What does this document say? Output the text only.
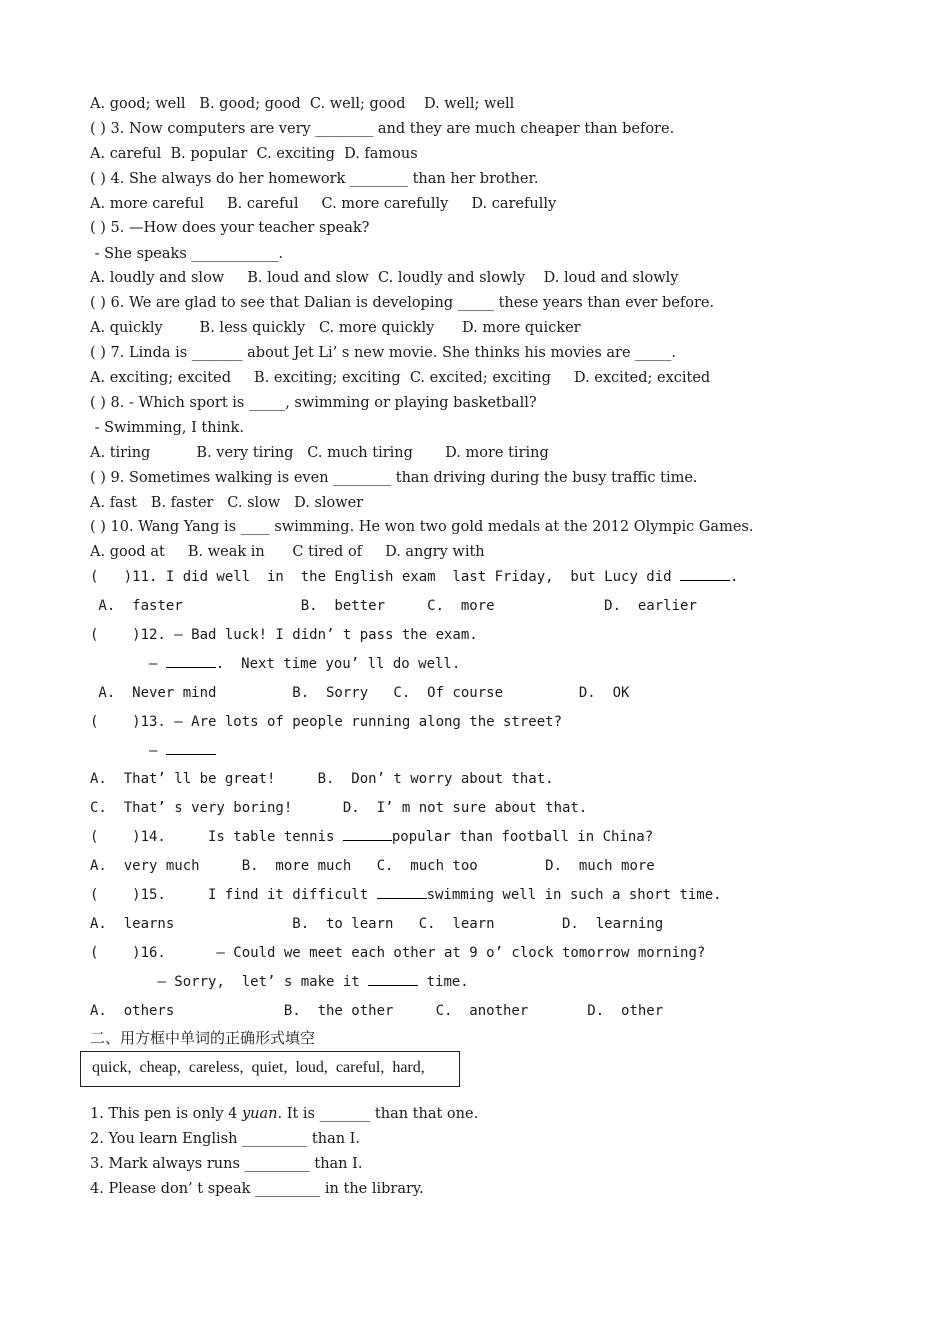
A. good; well   B. good; good  C. well; good    D. well; well
( ) 3. Now computers are very ________ and they are much cheaper than before.
A. careful  B. popular  C. exciting  D. famous
( ) 4. She always do her homework ________ than her brother.
A. more careful     B. careful     C. more carefully     D. carefully
( ) 5. —How does your teacher speak?
- She speaks ____________.
A. loudly and slow     B. loud and slow  C. loudly and slowly    D. loud and slowly
( ) 6. We are glad to see that Dalian is developing _____ these years than ever before.
A. quickly        B. less quickly   C. more quickly      D. more quicker
( ) 7. Linda is _______ about Jet Li’ s new movie. She thinks his movies are _____.
A. exciting; excited     B. exciting; exciting  C. excited; exciting     D. excited; excited
( ) 8. - Which sport is _____, swimming or playing basketball?
- Swimming, I think.
A. tiring          B. very tiring   C. much tiring       D. more tiring
( ) 9. Sometimes walking is even ________ than driving during the busy traffic time.
A. fast   B. faster   C. slow   D. slower
( ) 10. Wang Yang is ____ swimming. He won two gold medals at the 2012 Olympic Games.
A. good at     B. weak in      C tired of     D. angry with
(   )11. I did well  in  the English exam  last Friday,  but Lucy did	.
A.  faster              B.  better     C.  more             D.  earlier
(    )12. — Bad luck! I didn’ t pass the exam.
—	.  Next time you’ ll do well.
A.  Never mind         B.  Sorry   C.  Of course         D.  OK
(    )13. — Are lots of people running along the street?
—
A.  That’ ll be great!     B.  Don’ t worry about that.
C.  That’ s very boring!      D.  I’ m not sure about that.
(    )14.     Is table tennis	popular than football in China?
A.  very much     B.  more much   C.  much too        D.  much more
(    )15.     I find it difficult	swimming well in such a short time.
A.  learns              B.  to learn   C.  learn        D.  learning
(    )16.      — Could we meet each other at 9 o’ clock tomorrow morning?
— Sorry,  let’ s make it	time.
A.  others             B.  the other     C.  another       D.  other
二、用方框中单词的正确形式填空
quick,  cheap,  careless,  quiet,  loud,  careful,  hard,
1. This pen is only 4 yuan. It is _______ than that one.
2. You learn English _________ than I.
3. Mark always runs _________ than I.
4. Please don’ t speak _________ in the library.
